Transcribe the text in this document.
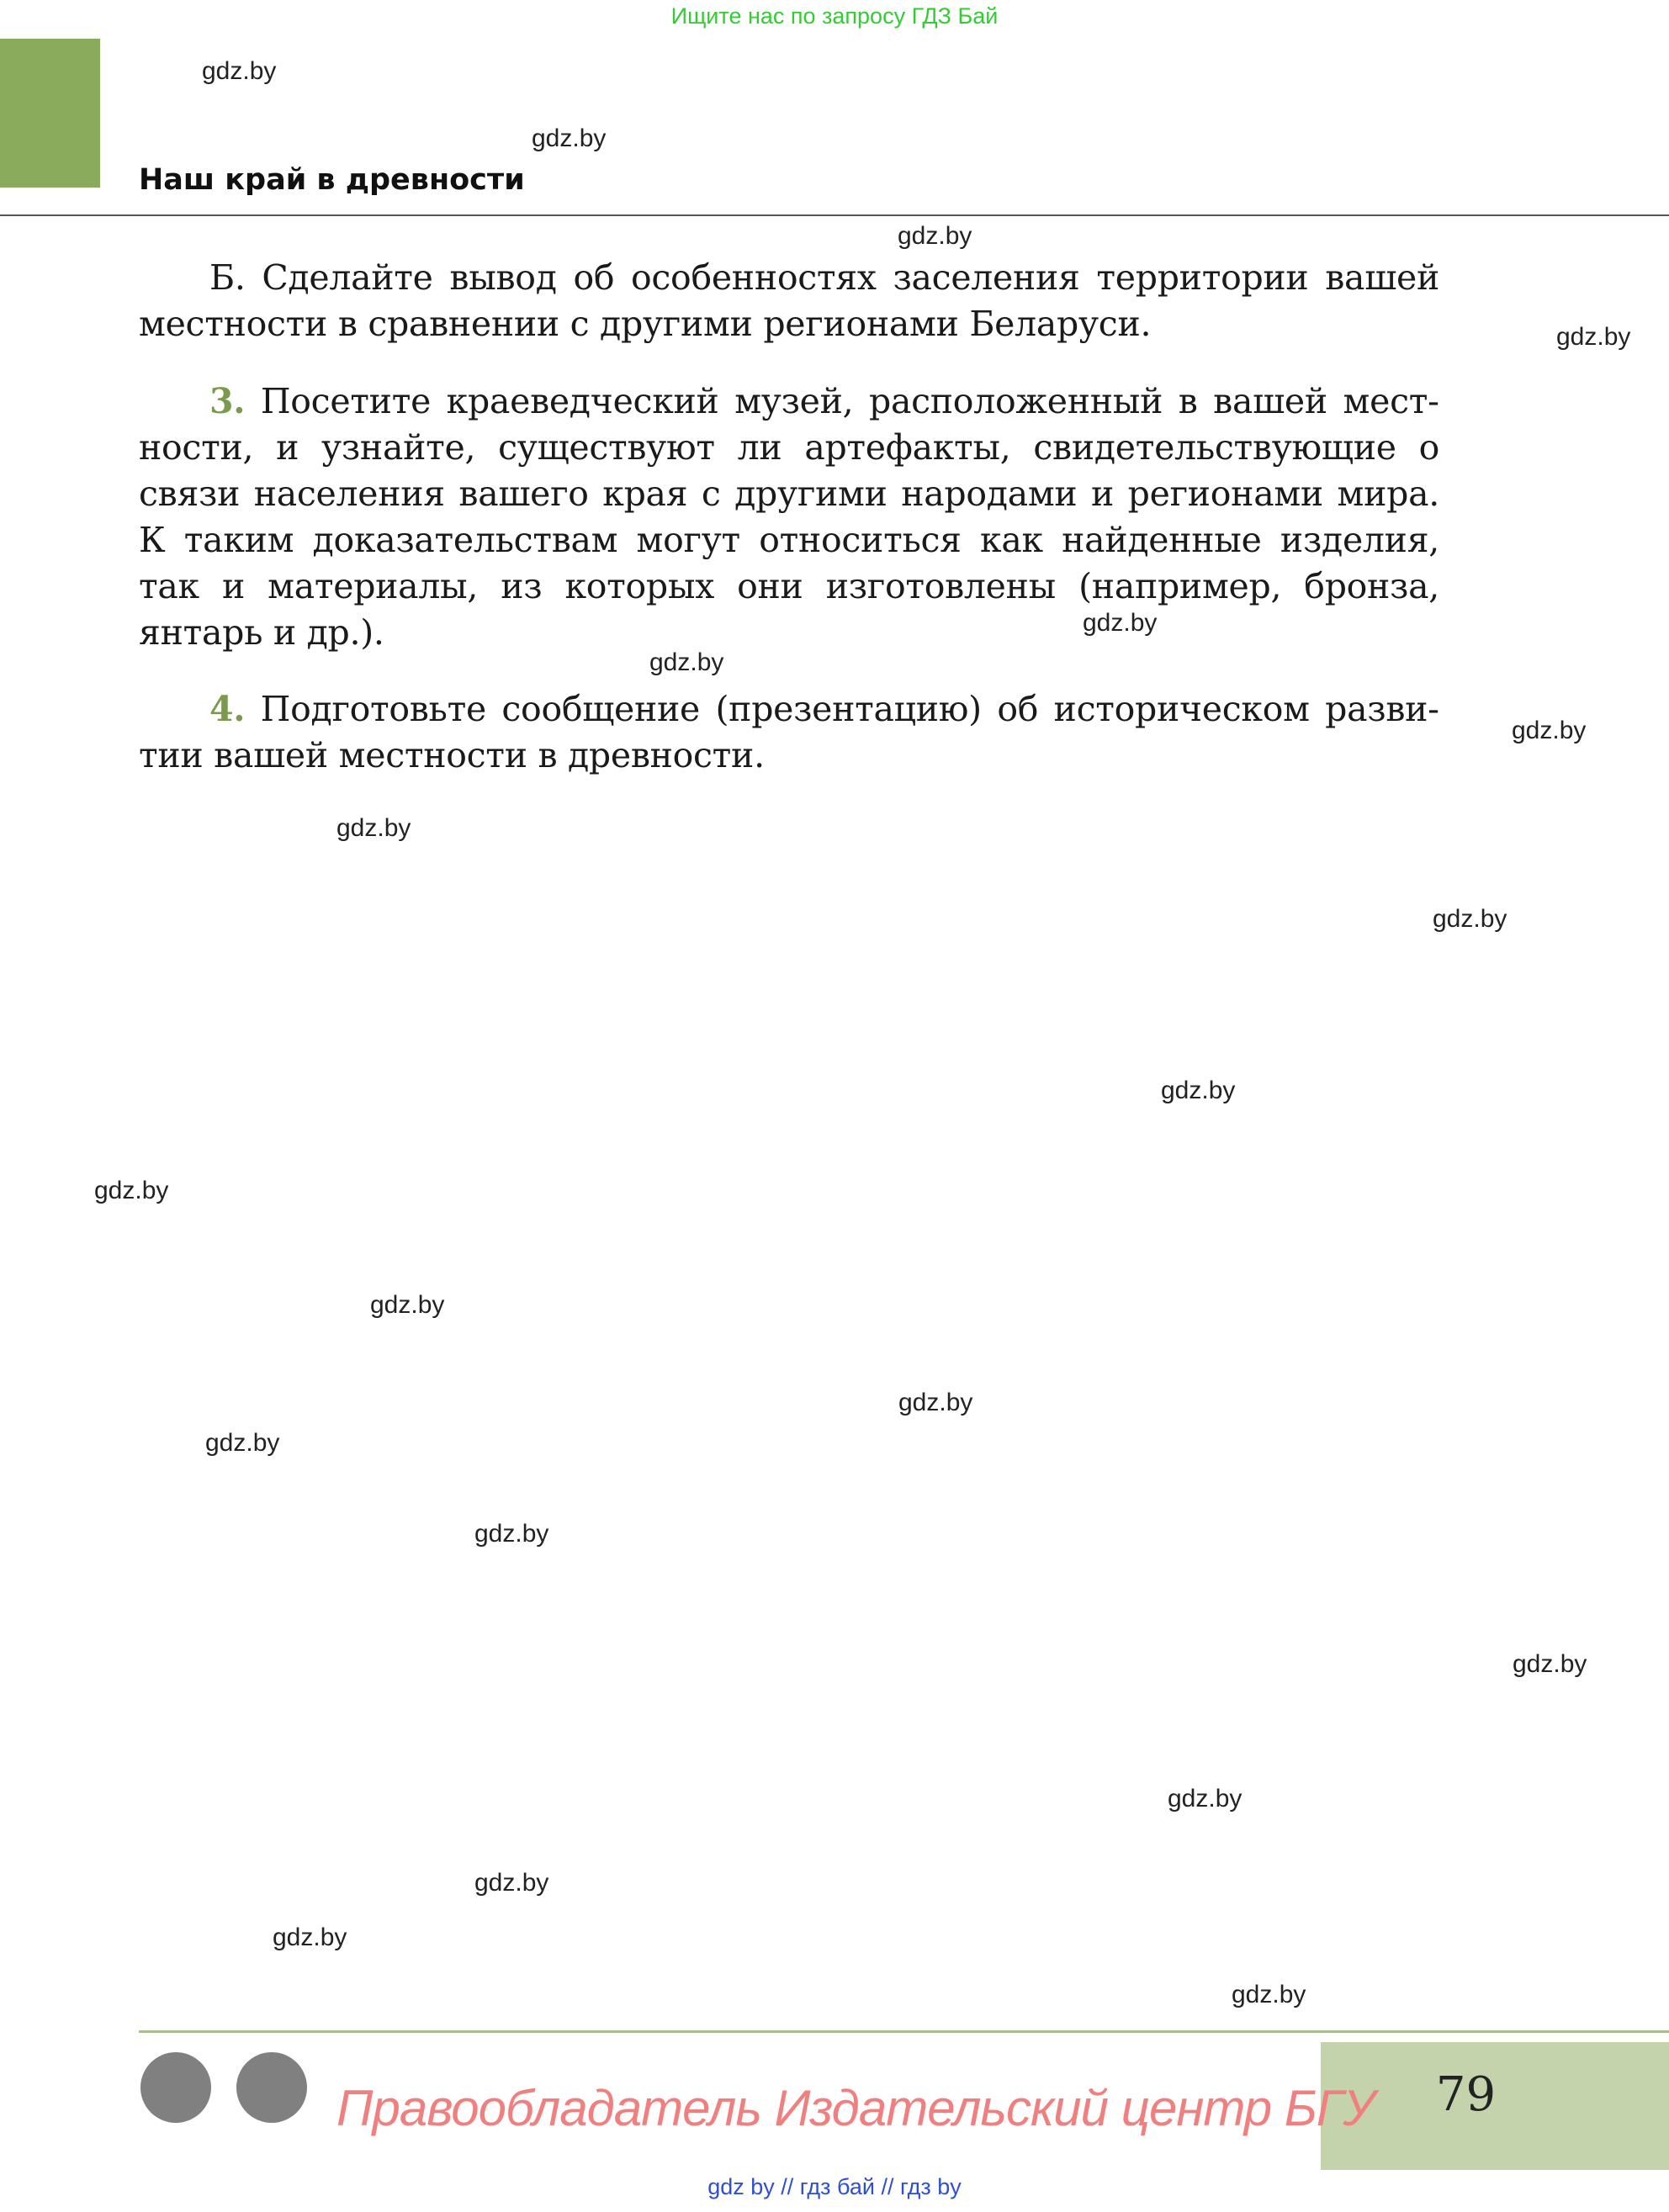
Ищите нас по запросу ГДЗ Бай
Наш край в древности

Б. Сделайте вывод об особенностях заселения территории вашей местности в сравнении с другими регионами Беларуси.

3. Посетите краеведческий музей, расположенный в вашей местности, и узнайте, существуют ли артефакты, свидетельствующие о связи населения вашего края с другими народами и регионами мира. К таким доказательствам могут относиться как найденные изделия, так и материалы, из которых они изготовлены (например, бронза, янтарь и др.).

4. Подготовьте сообщение (презентацию) об историческом развитии вашей местности в древности.

gdz.by
gdz.by
gdz.by
gdz.by
gdz.by
gdz.by
gdz.by
gdz.by
gdz.by
gdz.by
gdz.by
gdz.by
gdz.by
gdz.by
gdz.by
gdz.by
gdz.by
gdz.by
gdz.by
gdz.by
79
Правообладатель Издательский центр БГУ
gdz by // гдз бай // гдз by
